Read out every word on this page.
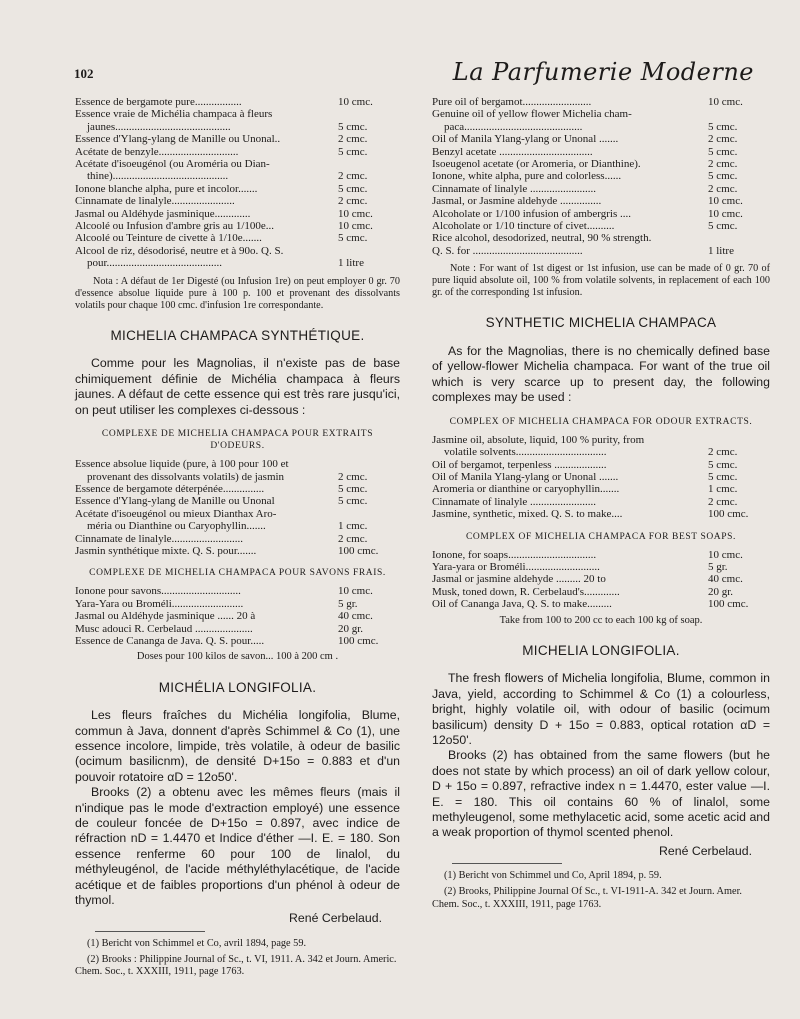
102	La Parfumerie Moderne
Essence de bergamote pure.................	10 cmc.
Essence vraie de Michélia champaca à fleurs
jaunes..........................................	5 cmc.
Essence d'Ylang-ylang de Manille ou Unonal..	2 cmc.
Acétate de benzyle.............................	5 cmc.
Acétate d'isoeugénol (ou Aroméria ou Dian-
thine)..........................................	2 cmc.
Ionone blanche alpha, pure et incolor.......	5 cmc.
Cinnamate de linalyle.......................	2 cmc.
Jasmal ou Aldéhyde jasminique.............	10 cmc.
Alcoolé ou Infusion d'ambre gris au 1/100e...	10 cmc.
Alcoolé ou Teinture de civette à 1/10e.......	5 cmc.
Alcool de riz, désodorisé, neutre et à 90o. Q. S.
pour..........................................	1 litre

Nota : A défaut de 1er Digesté (ou Infusion 1re) on peut employer 0 gr. 70 d'essence absolue liquide pure à 100 p. 100 et provenant des dissolvants volatils pour chaque 100 cmc. d'infusion 1re correspondante.

MICHELIA CHAMPACA SYNTHÉTIQUE.

Comme pour les Magnolias, il n'existe pas de base chimiquement définie de Michélia champaca à fleurs jaunes. A défaut de cette essence qui est très rare jusqu'ici, on peut utiliser les complexes ci-dessous :

COMPLEXE DE MICHELIA CHAMPACA POUR EXTRAITS D'ODEURS.
Essence absolue liquide (pure, à 100 pour 100 et
provenant des dissolvants volatils) de jasmin	2 cmc.
Essence de bergamote déterpénée...............	5 cmc.
Essence d'Ylang-ylang de Manille ou Unonal	5 cmc.
Acétate d'isoeugénol ou mieux Dianthax Aro-
méria ou Dianthine ou Caryophyllin.......	1 cmc.
Cinnamate de linalyle..........................	2 cmc.
Jasmin synthétique mixte. Q. S. pour.......	100 cmc.
COMPLEXE DE MICHELIA CHAMPACA POUR SAVONS FRAIS.
Ionone pour savons.............................	10 cmc.
Yara-Yara ou Broméli..........................	5 gr.
Jasmal ou Aldéhyde jasminique ...... 20 à	40 cmc.
Musc adouci R. Cerbelaud .....................	20 gr.
Essence de Cananga de Java. Q. S. pour.....	100 cmc.

Doses pour 100 kilos de savon... 100 à 200 cm .

MICHÉLIA LONGIFOLIA.

Les fleurs fraîches du Michélia longifolia, Blume, commun à Java, donnent d'après Schimmel & Co (1), une essence incolore, limpide, très volatile, à odeur de basilic (ocimum basilicnm), de densité D+15o = 0.883 et d'un pouvoir rotatoire αD = 12o50'.

Brooks (2) a obtenu avec les mêmes fleurs (mais il n'indique pas le mode d'extraction employé) une essence de couleur foncée de D+15o = 0.897, avec indice de réfraction nD = 1.4470 et Indice d'éther —I. E. = 180. Son essence renferme 60 pour 100 de linalol, du méthyleugénol, de l'acide méthyléthylacétique, de l'acide acétique et de faibles proportions d'un phénol à odeur de thymol.

René Cerbelaud.

(1) Bericht von Schimmel et Co, avril 1894, page 59.

(2) Brooks : Philippine Journal of Sc., t. VI, 1911. A. 342 et Journ. Americ. Chem. Soc., t. XXXIII, 1911, page 1763.

Pure oil of bergamot.........................	10 cmc.
Genuine oil of yellow flower Michelia cham-
paca...........................................	5 cmc.
Oil of Manila Ylang-ylang or Unonal .......	2 cmc.
Benzyl acetate ..................................	5 cmc.
Isoeugenol acetate (or Aromeria, or Dianthine).	2 cmc.
Ionone, white alpha, pure and colorless......	5 cmc.
Cinnamate of linalyle ........................	2 cmc.
Jasmal, or Jasmine aldehyde ...............	10 cmc.
Alcoholate or 1/100 infusion of ambergris ....	10 cmc.
Alcoholate or 1/10 tincture of civet..........	5 cmc.
Rice alcohol, desodorized, neutral, 90 % strength.
Q. S. for ........................................	1 litre

Note : For want of 1st digest or 1st infusion, use can be made of 0 gr. 70 of pure liquid absolute oil, 100 % from volatile solvents, in replacement of each 100 gr. of the corresponding 1st infusion.

SYNTHETIC MICHELIA CHAMPACA

As for the Magnolias, there is no chemically defined base of yellow-flower Michelia champaca. For want of the true oil which is very scarce up to present day, the following complexes may be used :

COMPLEX OF MICHELIA CHAMPACA FOR ODOUR EXTRACTS.
Jasmine oil, absolute, liquid, 100 % purity, from
volatile solvents.................................	2 cmc.
Oil of bergamot, terpenless ...................	5 cmc.
Oil of Manila Ylang-ylang or Unonal .......	5 cmc.
Aromeria or dianthine or caryophyllin.......	1 cmc.
Cinnamate of linalyle ........................	2 cmc.
Jasmine, synthetic, mixed. Q. S. to make....	100 cmc.
COMPLEX OF MICHELIA CHAMPACA FOR BEST SOAPS.
Ionone, for soaps................................	10 cmc.
Yara-yara or Broméli...........................	5 gr.
Jasmal or jasmine aldehyde ......... 20 to	40 cmc.
Musk, toned down, R. Cerbelaud's.............	20 gr.
Oil of Cananga Java, Q. S. to make.........	100 cmc.

Take from 100 to 200 cc to each 100 kg of soap.

MICHELIA LONGIFOLIA.

The fresh flowers of Michelia longifolia, Blume, common in Java, yield, according to Schimmel & Co (1) a colourless, bright, highly volatile oil, with odour of basilic (ocimum basilicum) density D + 15o = 0.883, optical rotation αD = 12o50'.

Brooks (2) has obtained from the same flowers (but he does not state by which process) an oil of dark yellow colour, D + 15o = 0.897, refractive index n = 1.4470, ester value —I. E. = 180. This oil contains 60 % of linalol, some methyleugenol, some methylacetic acid, some acetic acid and a weak proportion of thymol scented phenol.

René Cerbelaud.

(1) Bericht von Schimmel und Co, April 1894, p. 59.

(2) Brooks, Philippine Journal Of Sc., t. VI-1911-A. 342 et Journ. Amer. Chem. Soc., t. XXXIII, 1911, page 1763.
